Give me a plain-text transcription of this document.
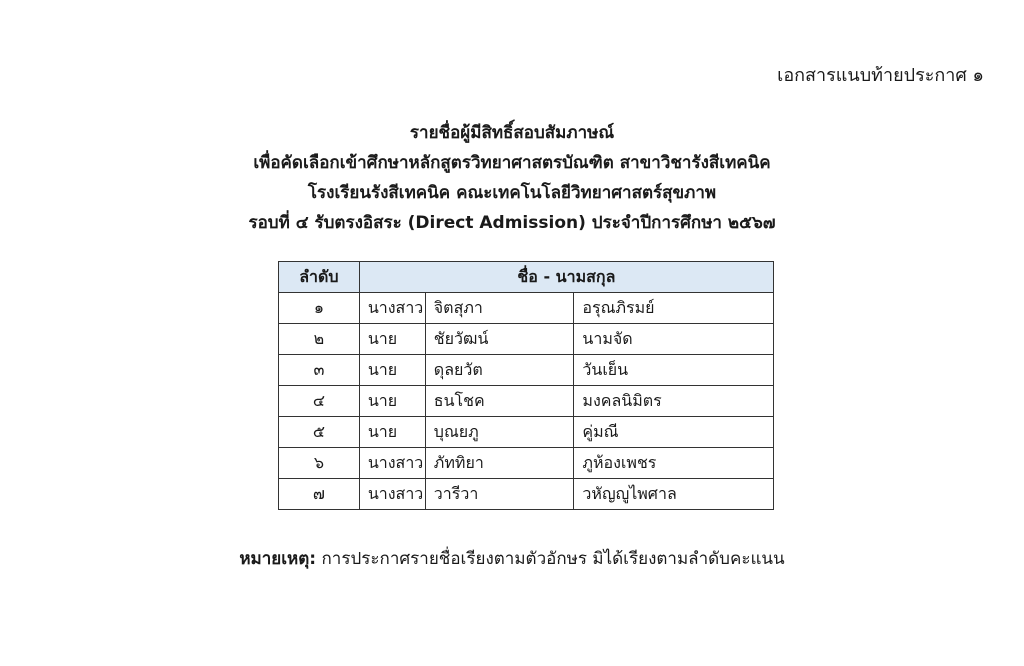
เอกสารแนบท้ายประกาศ ๑
รายชื่อผู้มีสิทธิ์สอบสัมภาษณ์
เพื่อคัดเลือกเข้าศึกษาหลักสูตรวิทยาศาสตรบัณฑิต สาขาวิชารังสีเทคนิค
โรงเรียนรังสีเทคนิค คณะเทคโนโลยีวิทยาศาสตร์สุขภาพ
รอบที่ ๔ รับตรงอิสระ (Direct Admission) ประจำปีการศึกษา ๒๕๖๗
ลำดับ	ชื่อ - นามสกุล		
๑	นางสาว	จิตสุภา	อรุณภิรมย์
๒	นาย	ชัยวัฒน์	นามจัด
๓	นาย	ดุลยวัต	วันเย็น
๔	นาย	ธนโชค	มงคลนิมิตร
๕	นาย	บุณยภู	คู่มณี
๖	นางสาว	ภัททิยา	ภูห้องเพชร
๗	นางสาว	วารีวา	วหัญญูไพศาล
หมายเหตุ: การประกาศรายชื่อเรียงตามตัวอักษร มิได้เรียงตามลำดับคะแนน
